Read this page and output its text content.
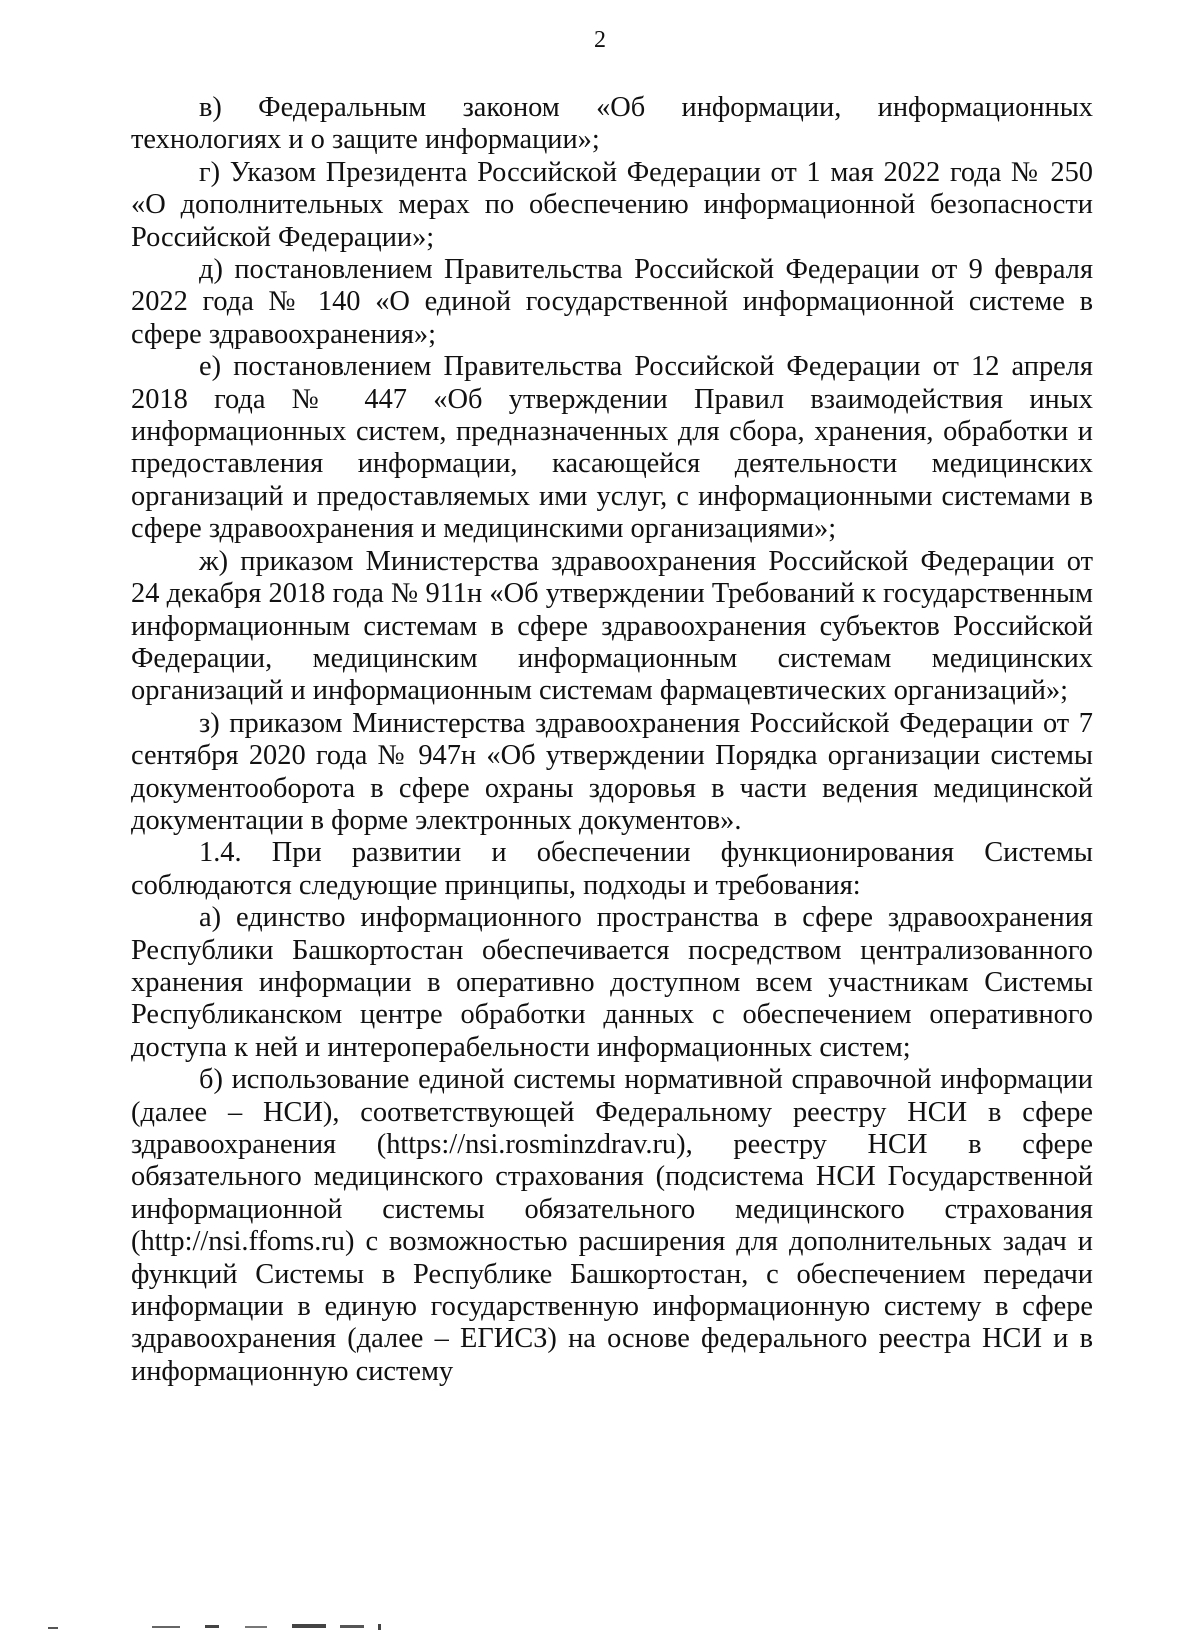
2

в) Федеральным законом «Об информации, информационных технологиях и о защите информации»;

г) Указом Президента Российской Федерации от 1 мая 2022 года № 250 «О дополнительных мерах по обеспечению информационной безопасности Российской Федерации»;

д) постановлением Правительства Российской Федерации от 9 февраля 2022 года № 140 «О единой государственной информационной системе в сфере здравоохранения»;

е) постановлением Правительства Российской Федерации от 12 апреля 2018 года № 447 «Об утверждении Правил взаимодействия иных информационных систем, предназначенных для сбора, хранения, обработки и предоставления информации, касающейся деятельности медицинских организаций и предоставляемых ими услуг, с информационными системами в сфере здравоохранения и медицинскими организациями»;

ж) приказом Министерства здравоохранения Российской Федерации от 24 декабря 2018 года № 911н «Об утверждении Требований к государственным информационным системам в сфере здравоохранения субъектов Российской Федерации, медицинским информационным системам медицинских организаций и информационным системам фармацевтических организаций»;

з) приказом Министерства здравоохранения Российской Федерации от 7 сентября 2020 года № 947н «Об утверждении Порядка организации системы документооборота в сфере охраны здоровья в части ведения медицинской документации в форме электронных документов».

1.4. При развитии и обеспечении функционирования Системы соблюдаются следующие принципы, подходы и требования:

а) единство информационного пространства в сфере здравоохранения Республики Башкортостан обеспечивается посредством централизованного хранения информации в оперативно доступном всем участникам Системы Республиканском центре обработки данных с обеспечением оперативного доступа к ней и интероперабельности информационных систем;

б) использование единой системы нормативной справочной информации (далее – НСИ), соответствующей Федеральному реестру НСИ в сфере здравоохранения (https://nsi.rosminzdrav.ru), реестру НСИ в сфере обязательного медицинского страхования (подсистема НСИ Государственной информационной системы обязательного медицинского страхования (http://nsi.ffoms.ru) с возможностью расширения для дополнительных задач и функций Системы в Республике Башкортостан, с обеспечением передачи информации в единую государственную информационную систему в сфере здравоохранения (далее – ЕГИСЗ) на основе федерального реестра НСИ и в информационную систему
